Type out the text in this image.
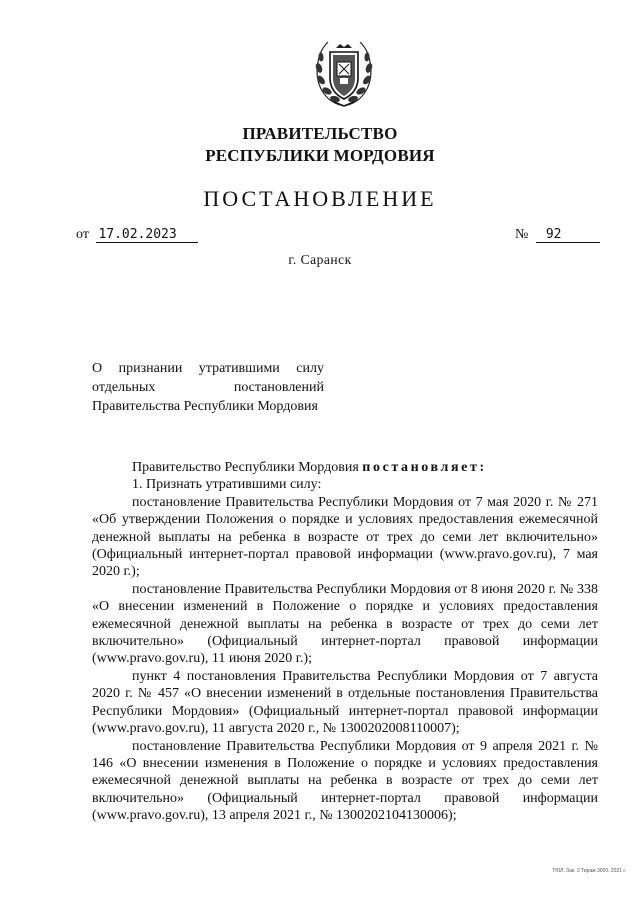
ПРАВИТЕЛЬСТВО
РЕСПУБЛИКИ МОРДОВИЯ
ПОСТАНОВЛЕНИЕ
от 17.02.2023	№ 92
г. Саранск
О признании утратившими силу отдельных постановлений Правительства Республики Мордовия

Правительство Республики Мордовия постановляет:

1. Признать утратившими силу:

постановление Правительства Республики Мордовия от 7 мая 2020 г. № 271 «Об утверждении Положения о порядке и условиях предоставления ежемесячной денежной выплаты на ребенка в возрасте от трех до семи лет включительно» (Официальный интернет-портал правовой информации (www.pravo.gov.ru), 7 мая 2020 г.);

постановление Правительства Республики Мордовия от 8 июня 2020 г. № 338 «О внесении изменений в Положение о порядке и условиях предоставления ежемесячной денежной выплаты на ребенка в возрасте от трех до семи лет включительно» (Официальный интернет-портал правовой информации (www.pravo.gov.ru), 11 июня 2020 г.);

пункт 4 постановления Правительства Республики Мордовия от 7 августа 2020 г. № 457 «О внесении изменений в отдельные постановления Правительства Республики Мордовия» (Официальный интернет-портал правовой информации (www.pravo.gov.ru), 11 августа 2020 г., № 1300202008110007);

постановление Правительства Республики Мордовия от 9 апреля 2021 г. № 146 «О внесении изменения в Положение о порядке и условиях предоставления ежемесячной денежной выплаты на ребенка в возрасте от трех до семи лет включительно» (Официальный интернет-портал правовой информации (www.pravo.gov.ru), 13 апреля 2021 г., № 1300202104130006);

ТЮЛ. Зак. 3 Тираж 3000. 2021 г.
